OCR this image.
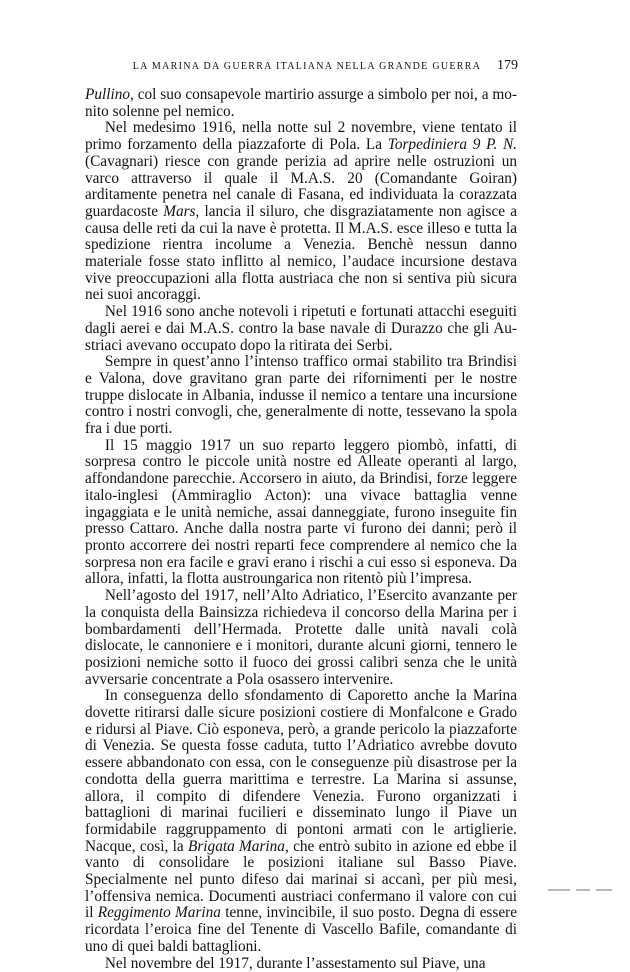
LA MARINA DA GUERRA ITALIANA NELLA GRANDE GUERRA	179

Pullino, col suo consapevole martirio assurge a simbolo per noi, a monito solenne pel nemico.

Nel medesimo 1916, nella notte sul 2 novembre, viene tentato il primo forzamento della piazzaforte di Pola. La Torpediniera 9 P. N. (Cavagnari) riesce con grande perizia ad aprire nelle ostruzioni un varco attraverso il quale il M.A.S. 20 (Comandante Goiran) arditamente penetra nel canale di Fasana, ed individuata la corazzata guardacoste Mars, lancia il siluro, che disgraziatamente non agisce a causa delle reti da cui la nave è protetta. Il M.A.S. esce illeso e tutta la spedizione rientra incolume a Venezia. Benchè nessun danno materiale fosse stato inflitto al nemico, l’audace incursione destava vive preoccupazioni alla flotta austriaca che non si sentiva più sicura nei suoi ancoraggi.

Nel 1916 sono anche notevoli i ripetuti e fortunati attacchi eseguiti dagli aerei e dai M.A.S. contro la base navale di Durazzo che gli Austriaci avevano occupato dopo la ritirata dei Serbi.

Sempre in quest’anno l’intenso traffico ormai stabilito tra Brindisi e Valona, dove gravitano gran parte dei rifornimenti per le nostre truppe dislocate in Albania, indusse il nemico a tentare una incursione contro i nostri convogli, che, generalmente di notte, tessevano la spola fra i due porti.

Il 15 maggio 1917 un suo reparto leggero piombò, infatti, di sorpresa contro le piccole unità nostre ed Alleate operanti al largo, affondandone parecchie. Accorsero in aiuto, da Brindisi, forze leggere italo-inglesi (Ammiraglio Acton): una vivace battaglia venne ingaggiata e le unità nemiche, assai danneggiate, furono inseguite fin presso Cattaro. Anche dalla nostra parte vi furono dei danni; però il pronto accorrere dei nostri reparti fece comprendere al nemico che la sorpresa non era facile e gravi erano i rischi a cui esso si esponeva. Da allora, infatti, la flotta austroungarica non ritentò più l’impresa.

Nell’agosto del 1917, nell’Alto Adriatico, l’Esercito avanzante per la conquista della Bainsizza richiedeva il concorso della Marina per i bombardamenti dell’Hermada. Protette dalle unità navali colà dislocate, le cannoniere e i monitori, durante alcuni giorni, tennero le posizioni nemiche sotto il fuoco dei grossi calibri senza che le unità avversarie concentrate a Pola osassero intervenire.

In conseguenza dello sfondamento di Caporetto anche la Marina dovette ritirarsi dalle sicure posizioni costiere di Monfalcone e Grado e ridursi al Piave. Ciò esponeva, però, a grande pericolo la piazzaforte di Venezia. Se questa fosse caduta, tutto l’Adriatico avrebbe dovuto essere abbandonato con essa, con le conseguenze più disastrose per la condotta della guerra marittima e terrestre. La Marina si assunse, allora, il compito di difendere Venezia. Furono organizzati i battaglioni di marinai fucilieri e disseminato lungo il Piave un formidabile raggruppamento di pontoni armati con le artiglierie. Nacque, così, la Brigata Marina, che entrò subito in azione ed ebbe il vanto di consolidare le posizioni italiane sul Basso Piave. Specialmente nel punto difeso dai marinai si accanì, per più mesi, l’offensiva nemica. Documenti austriaci confermano il valore con cui il Reggimento Marina tenne, invincibile, il suo posto. Degna di essere ricordata l’eroica fine del Tenente di Vascello Bafile, comandante di uno di quei baldi battaglioni.

Nel novembre del 1917, durante l’assestamento sul Piave, una
